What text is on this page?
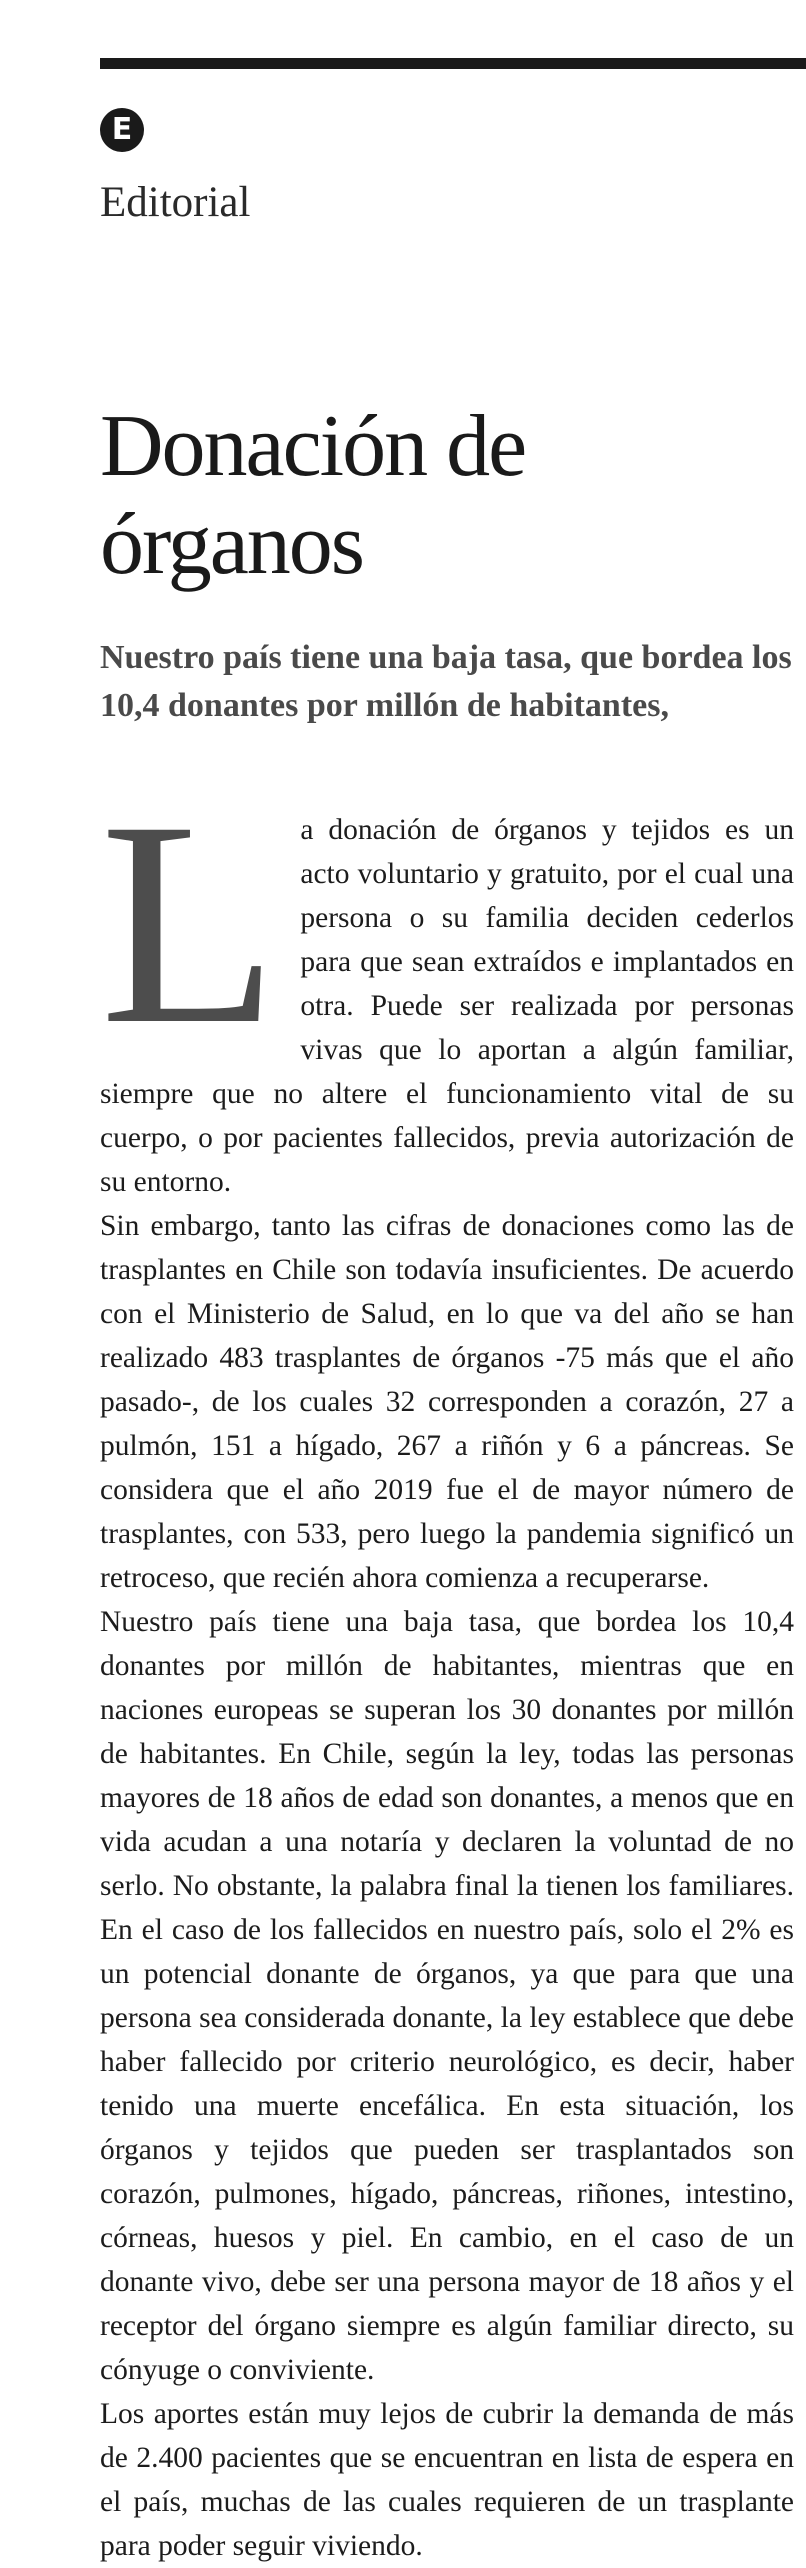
E
Editorial
Donación de órganos
Nuestro país tiene una baja tasa, que bordea los 10,4 donantes por millón de habitantes,

La donación de órganos y tejidos es un acto voluntario y gratuito, por el cual una persona o su familia deciden cederlos para que sean extraídos e implantados en otra. Puede ser realizada por personas vivas que lo aportan a algún familiar, siempre que no altere el funcionamiento vital de su cuerpo, o por pacientes fallecidos, previa autorización de su entorno.

Sin embargo, tanto las cifras de donaciones como las de trasplantes en Chile son todavía insuficientes. De acuerdo con el Ministerio de Salud, en lo que va del año se han realizado 483 trasplantes de órganos -75 más que el año pasado-, de los cuales 32 corresponden a corazón, 27 a pulmón, 151 a hígado, 267 a riñón y 6 a páncreas. Se considera que el año 2019 fue el de mayor número de trasplantes, con 533, pero luego la pandemia significó un retroceso, que recién ahora comienza a recuperarse.

Nuestro país tiene una baja tasa, que bordea los 10,4 donantes por millón de habitantes, mientras que en naciones europeas se superan los 30 donantes por millón de habitantes. En Chile, según la ley, todas las personas mayores de 18 años de edad son donantes, a menos que en vida acudan a una notaría y declaren la voluntad de no serlo. No obstante, la palabra final la tienen los familiares. En el caso de los fallecidos en nuestro país, solo el 2% es un potencial donante de órganos, ya que para que una persona sea considerada donante, la ley establece que debe haber fallecido por criterio neurológico, es decir, haber tenido una muerte encefálica. En esta situación, los órganos y tejidos que pueden ser trasplantados son corazón, pulmones, hígado, páncreas, riñones, intestino, córneas, huesos y piel. En cambio, en el caso de un donante vivo, debe ser una persona mayor de 18 años y el receptor del órgano siempre es algún familiar directo, su cónyuge o conviviente.

Los aportes están muy lejos de cubrir la demanda de más de 2.400 pacientes que se encuentran en lista de espera en el país, muchas de las cuales requieren de un trasplante para poder seguir viviendo.
